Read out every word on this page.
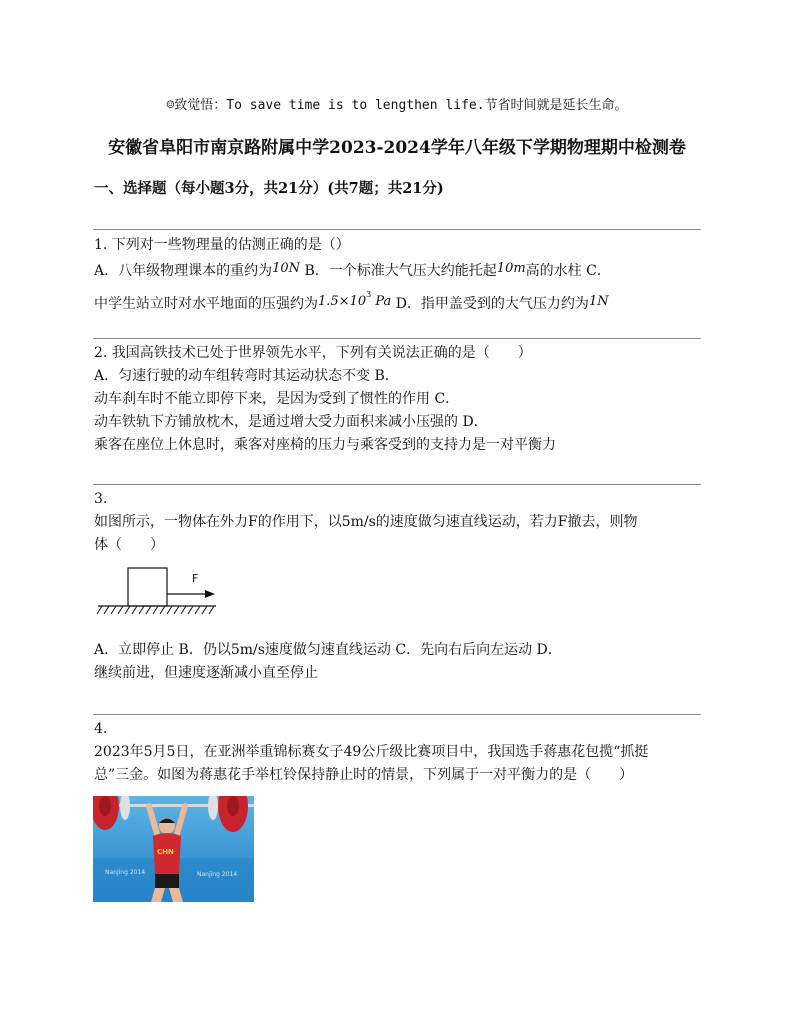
☺致觉悟：To save time is to lengthen life.节省时间就是延长生命。
安徽省阜阳市南京路附属中学2023-2024学年八年级下学期物理期中检测卷
一、选择题（每小题3分，共21分）(共7题；共21分)
1. 下列对一些物理量的估测正确的是（）
A．八年级物理课本的重约为10N B．一个标准大气压大约能托起10m高的水柱 C．
中学生站立时对水平地面的压强约为$1.5\times 10^3$ Pa D．指甲盖受到的大气压力约为1N
2. 我国高铁技术已处于世界领先水平，下列有关说法正确的是（　　）
A．匀速行驶的动车组转弯时其运动状态不变 B．
动车刹车时不能立即停下来，是因为受到了惯性的作用 C．
动车铁轨下方铺放枕木，是通过增大受力面积来减小压强的 D．
乘客在座位上休息时，乘客对座椅的压力与乘客受到的支持力是一对平衡力
3.
如图所示，一物体在外力F的作用下，以5m/s的速度做匀速直线运动，若力F撤去，则物
体（　　）
F
A．立即停止 B．仍以5m/s速度做匀速直线运动 C．先向右后向左运动 D．
继续前进，但速度逐渐减小直至停止
4.
2023年5月5日，在亚洲举重锦标赛女子49公斤级比赛项目中，我国选手蒋惠花包揽“抓挺
总”三金。如图为蒋惠花手举杠铃保持静止时的情景，下列属于一对平衡力的是（　　）
Nanjing 2014	Nanjing 2014
CHN
